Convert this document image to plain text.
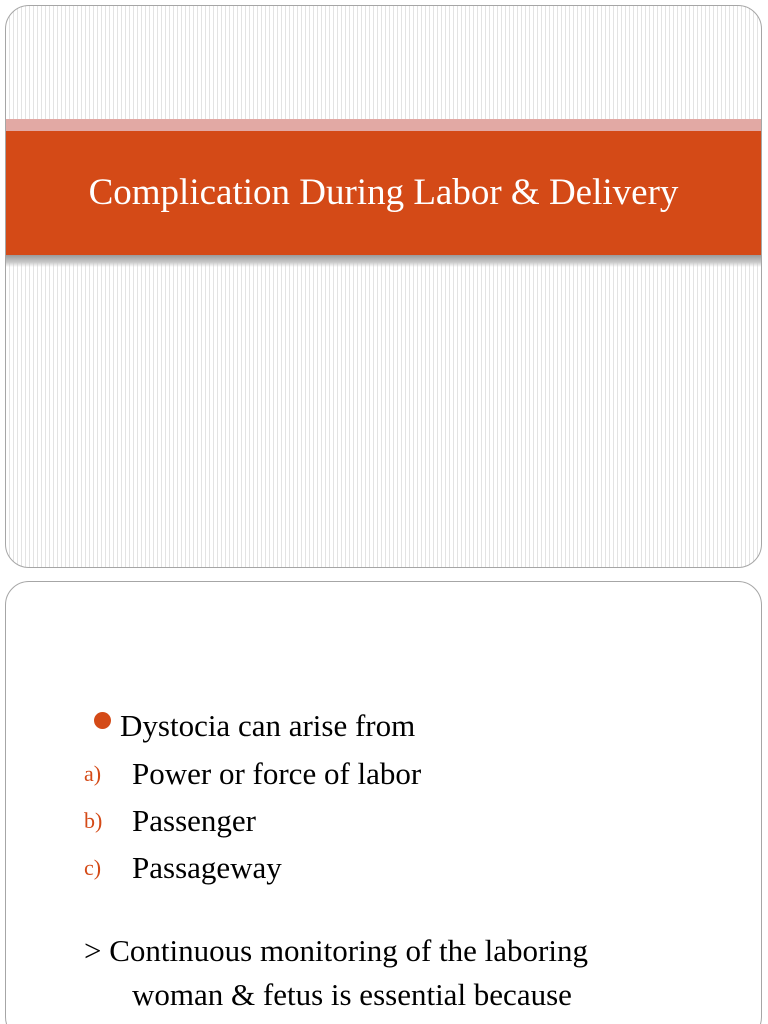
Complication During Labor & Delivery
Dystocia can arise from
a) Power or force of labor
b) Passenger
c) Passageway
> Continuous monitoring of the laboring
woman & fetus is essential because
